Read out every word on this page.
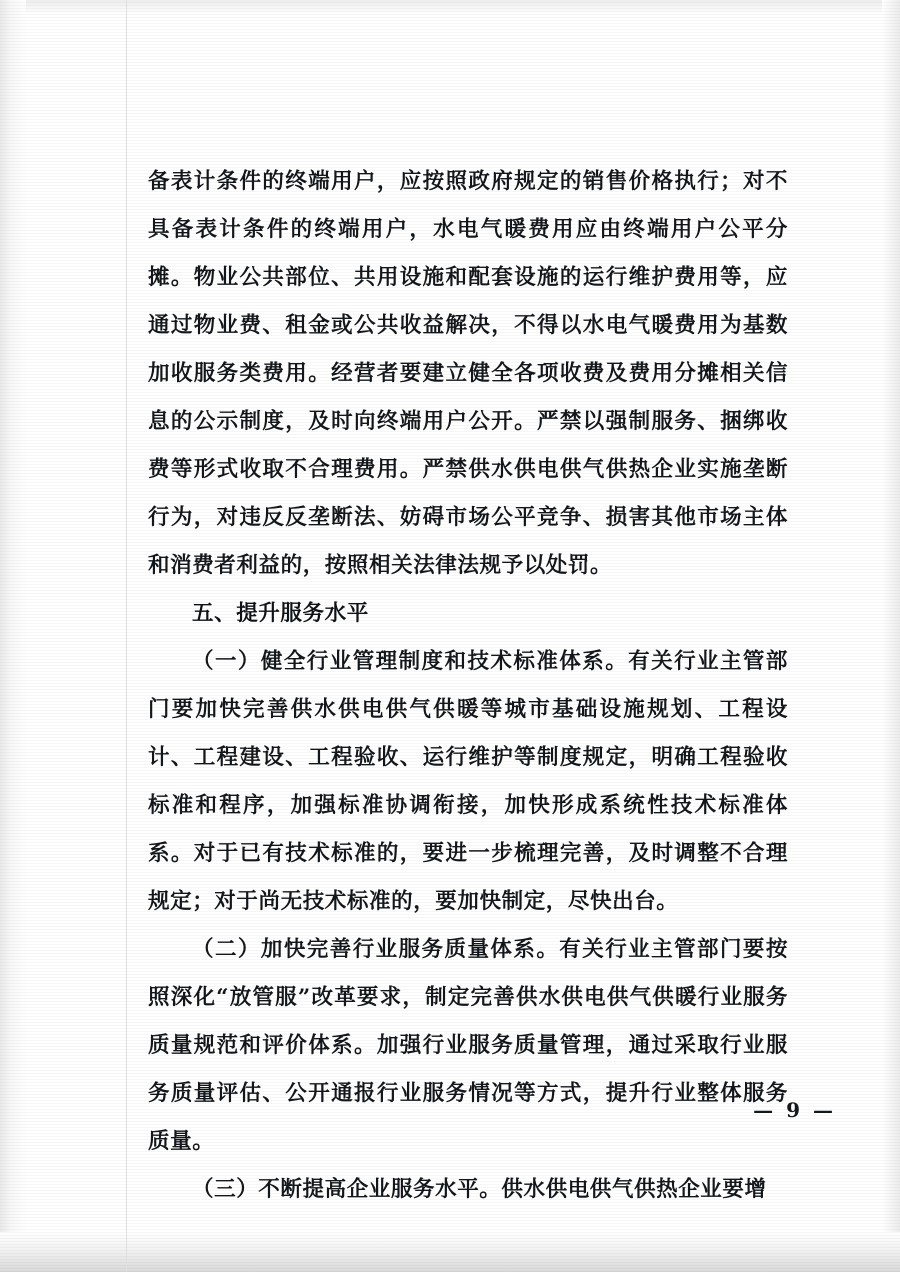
备表计条件的终端用户，应按照政府规定的销售价格执行；对不具备表计条件的终端用户，水电气暖费用应由终端用户公平分摊。物业公共部位、共用设施和配套设施的运行维护费用等，应通过物业费、租金或公共收益解决，不得以水电气暖费用为基数加收服务类费用。经营者要建立健全各项收费及费用分摊相关信息的公示制度，及时向终端用户公开。严禁以强制服务、捆绑收费等形式收取不合理费用。严禁供水供电供气供热企业实施垄断行为，对违反反垄断法、妨碍市场公平竞争、损害其他市场主体和消费者利益的，按照相关法律法规予以处罚。

五、提升服务水平

（一）健全行业管理制度和技术标准体系。有关行业主管部门要加快完善供水供电供气供暖等城市基础设施规划、工程设计、工程建设、工程验收、运行维护等制度规定，明确工程验收标准和程序，加强标准协调衔接，加快形成系统性技术标准体系。对于已有技术标准的，要进一步梳理完善，及时调整不合理规定；对于尚无技术标准的，要加快制定，尽快出台。

（二）加快完善行业服务质量体系。有关行业主管部门要按照深化“放管服”改革要求，制定完善供水供电供气供暖行业服务质量规范和评价体系。加强行业服务质量管理，通过采取行业服务质量评估、公开通报行业服务情况等方式，提升行业整体服务质量。

（三）不断提高企业服务水平。供水供电供气供热企业要增

— 9 —
